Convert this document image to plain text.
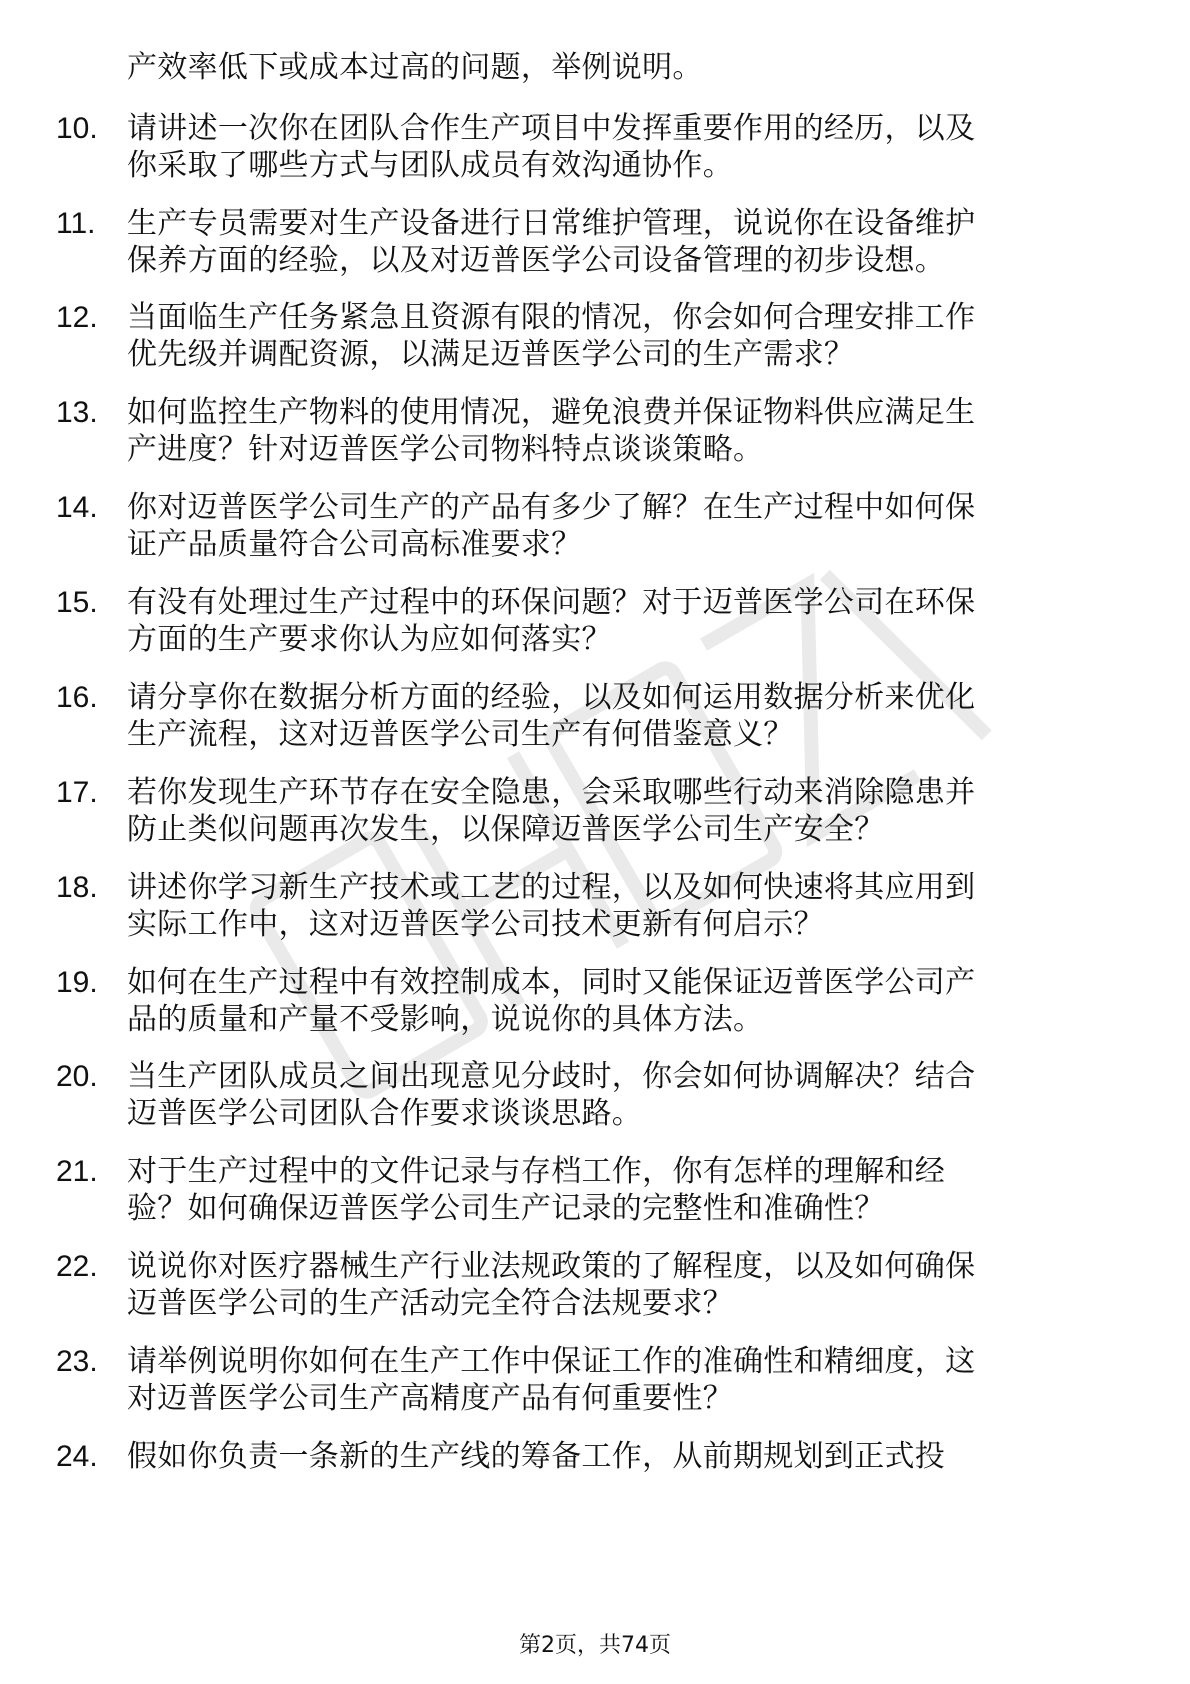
产效率低下或成本过高的问题，举例说明。
10. 请讲述一次你在团队合作生产项目中发挥重要作用的经历，以及
你采取了哪些方式与团队成员有效沟通协作。
11. 生产专员需要对生产设备进行日常维护管理，说说你在设备维护
保养方面的经验，以及对迈普医学公司设备管理的初步设想。
12. 当面临生产任务紧急且资源有限的情况，你会如何合理安排工作
优先级并调配资源，以满足迈普医学公司的生产需求？
13. 如何监控生产物料的使用情况，避免浪费并保证物料供应满足生
产进度？针对迈普医学公司物料特点谈谈策略。
14. 你对迈普医学公司生产的产品有多少了解？在生产过程中如何保
证产品质量符合公司高标准要求？
15. 有没有处理过生产过程中的环保问题？对于迈普医学公司在环保
方面的生产要求你认为应如何落实？
16. 请分享你在数据分析方面的经验，以及如何运用数据分析来优化
生产流程，这对迈普医学公司生产有何借鉴意义？
17. 若你发现生产环节存在安全隐患，会采取哪些行动来消除隐患并
防止类似问题再次发生，以保障迈普医学公司生产安全？
18. 讲述你学习新生产技术或工艺的过程，以及如何快速将其应用到
实际工作中，这对迈普医学公司技术更新有何启示？
19. 如何在生产过程中有效控制成本，同时又能保证迈普医学公司产
品的质量和产量不受影响，说说你的具体方法。
20. 当生产团队成员之间出现意见分歧时，你会如何协调解决？结合
迈普医学公司团队合作要求谈谈思路。
21. 对于生产过程中的文件记录与存档工作，你有怎样的理解和经
验？如何确保迈普医学公司生产记录的完整性和准确性？
22. 说说你对医疗器械生产行业法规政策的了解程度，以及如何确保
迈普医学公司的生产活动完全符合法规要求？
23. 请举例说明你如何在生产工作中保证工作的准确性和精细度，这
对迈普医学公司生产高精度产品有何重要性？
24. 假如你负责一条新的生产线的筹备工作，从前期规划到正式投
第2页，共74页
